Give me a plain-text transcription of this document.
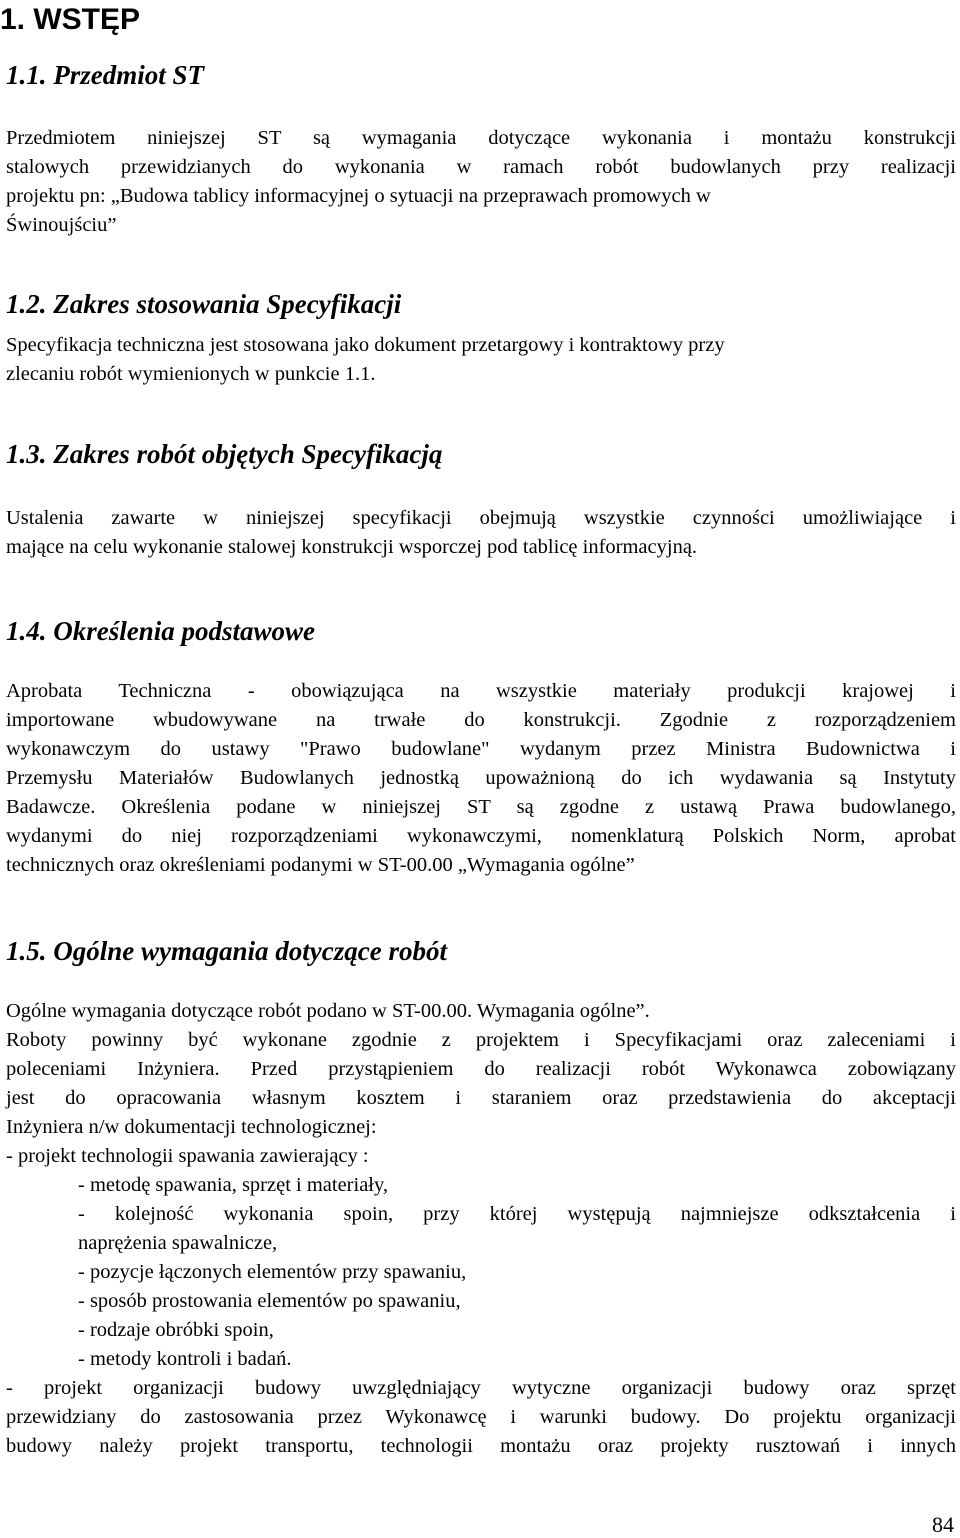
1. WSTĘP
1.1. Przedmiot ST
Przedmiotem niniejszej ST są wymagania dotyczące wykonania i montażu konstrukcji
stalowych przewidzianych do wykonania w ramach robót budowlanych przy realizacji
projektu pn: „Budowa tablicy informacyjnej o sytuacji na przeprawach promowych w
Świnoujściu”
1.2. Zakres stosowania Specyfikacji
Specyfikacja techniczna jest stosowana jako dokument przetargowy i kontraktowy przy
zlecaniu robót wymienionych w punkcie 1.1.
1.3. Zakres robót objętych Specyfikacją
Ustalenia zawarte w niniejszej specyfikacji obejmują wszystkie czynności umożliwiające i
mające na celu wykonanie stalowej konstrukcji wsporczej pod tablicę informacyjną.
1.4. Określenia podstawowe
Aprobata Techniczna - obowiązująca na wszystkie materiały produkcji krajowej i
importowane wbudowywane na trwałe do konstrukcji. Zgodnie z rozporządzeniem
wykonawczym do ustawy "Prawo budowlane" wydanym przez Ministra Budownictwa i
Przemysłu Materiałów Budowlanych jednostką upoważnioną do ich wydawania są Instytuty
Badawcze. Określenia podane w niniejszej ST są zgodne z ustawą Prawa budowlanego,
wydanymi do niej rozporządzeniami wykonawczymi, nomenklaturą Polskich Norm, aprobat
technicznych oraz określeniami podanymi w ST-00.00 „Wymagania ogólne”
1.5. Ogólne wymagania dotyczące robót
Ogólne wymagania dotyczące robót podano w ST-00.00. Wymagania ogólne”.
Roboty powinny być wykonane zgodnie z projektem i Specyfikacjami oraz zaleceniami i
poleceniami Inżyniera. Przed przystąpieniem do realizacji robót Wykonawca zobowiązany
jest do opracowania własnym kosztem i staraniem oraz przedstawienia do akceptacji
Inżyniera n/w dokumentacji technologicznej:
- projekt technologii spawania zawierający :
- metodę spawania, sprzęt i materiały,
- kolejność wykonania spoin, przy której występują najmniejsze odkształcenia i
naprężenia spawalnicze,
- pozycje łączonych elementów przy spawaniu,
- sposób prostowania elementów po spawaniu,
- rodzaje obróbki spoin,
- metody kontroli i badań.
- projekt organizacji budowy uwzględniający wytyczne organizacji budowy oraz sprzęt
przewidziany do zastosowania przez Wykonawcę i warunki budowy. Do projektu organizacji
budowy należy projekt transportu, technologii montażu oraz projekty rusztowań i innych
84
